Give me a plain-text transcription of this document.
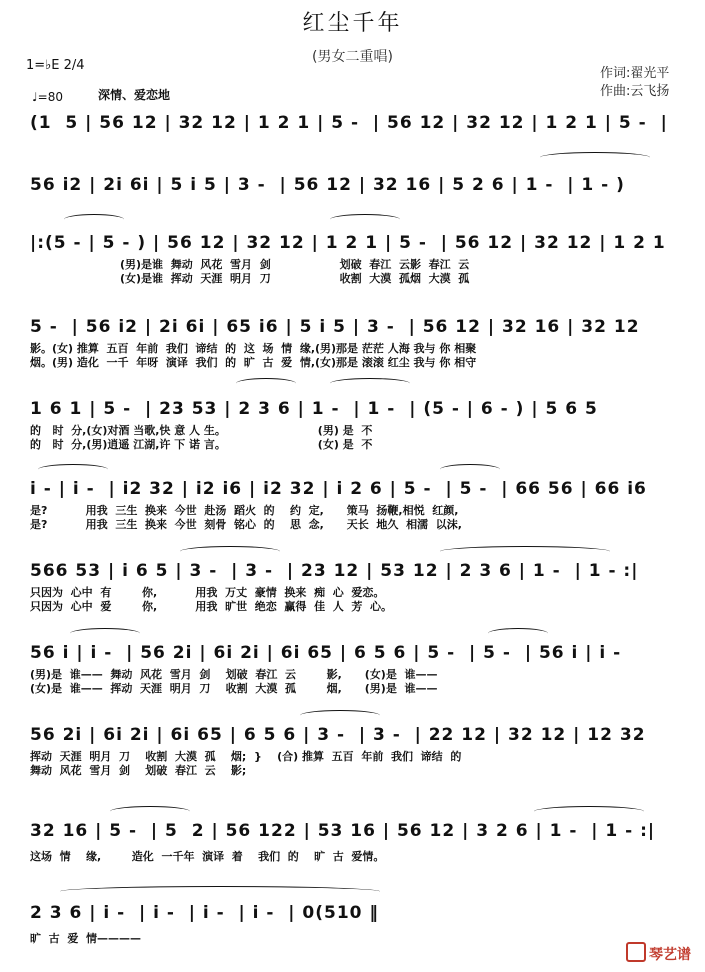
红尘千年
(男女二重唱)
作词:翟光平
作曲:云飞扬
1=♭E 2/4
♩=80	深情、爱恋地
(1  5 | 56 12 | 32 12 | 1 2 1 | 5 -  | 56 12 | 32 12 | 1 2 1 | 5 -  |
56 i2 | 2i 6i | 5 i 5 | 3 -  | 56 12 | 32 16 | 5 2 6 | 1 -  | 1 - )
|:(5 - | 5 - ) | 56 12 | 32 12 | 1 2 1 | 5 -  | 56 12 | 32 12 | 1 2 1
(男)是谁  舞动  风花  雪月  剑                  划破  春江  云影  春江  云
(女)是谁  挥动  天涯  明月  刀                  收割  大漠  孤烟  大漠  孤
5 -  | 56 i2 | 2i 6i | 65 i6 | 5 i 5 | 3 -  | 56 12 | 32 16 | 32 12
影。(女) 推算  五百  年前  我们  谛结  的  这  场  情  缘,(男)那是 茫茫 人海 我与 你 相聚
烟。(男) 造化  一千  年呀  演译  我们  的  旷  古  爱  情,(女)那是 滚滚 红尘 我与 你 相守
1 6 1 | 5 -  | 23 53 | 2 3 6 | 1 -  | 1 -  | (5 - | 6 - ) | 5 6 5
的   时  分,(女)对酒 当歌,快 意 人 生。                        (男) 是  不
的   时  分,(男)逍遥 江湖,许 下 诺 言。                        (女) 是  不
i - | i -  | i2 32 | i2 i6 | i2 32 | i 2 6 | 5 -  | 5 -  | 66 56 | 66 i6
是?          用我  三生  换来  今世  赴汤  蹈火  的    约  定,      策马  扬鞭,相悦  红颜,
是?          用我  三生  换来  今世  刻骨  铭心  的    思  念,      天长  地久  相濡  以沫,
566 53 | i 6 5 | 3 -  | 3 -  | 23 12 | 53 12 | 2 3 6 | 1 -  | 1 - :|
只因为  心中  有        你,          用我  万丈  豪情  换来  痴  心  爱恋。
只因为  心中  爱        你,          用我  旷世  绝恋  赢得  佳  人  芳  心。
56 i | i -  | 56 2i | 6i 2i | 6i 65 | 6 5 6 | 5 -  | 5 -  | 56 i | i -
(男)是  谁——  舞动  风花  雪月  剑    划破  春江  云        影,      (女)是  谁——
(女)是  谁——  挥动  天涯  明月  刀    收割  大漠  孤        烟,      (男)是  谁——
56 2i | 6i 2i | 6i 65 | 6 5 6 | 3 -  | 3 -  | 22 12 | 32 12 | 12 32
挥动  天涯  明月  刀    收割  大漠  孤    烟;  }    (合) 推算  五百  年前  我们  谛结  的
舞动  风花  雪月  剑    划破  春江  云    影;
32 16 | 5 -  | 5  2 | 56 122 | 53 16 | 56 12 | 3 2 6 | 1 -  | 1 - :|
这场  情    缘,        造化  一千年  演译  着    我们  的    旷  古  爱情。
2 3 6 | i -  | i -  | i -  | i -  | 0(510 ‖
旷  古  爱  情————
琴艺谱
